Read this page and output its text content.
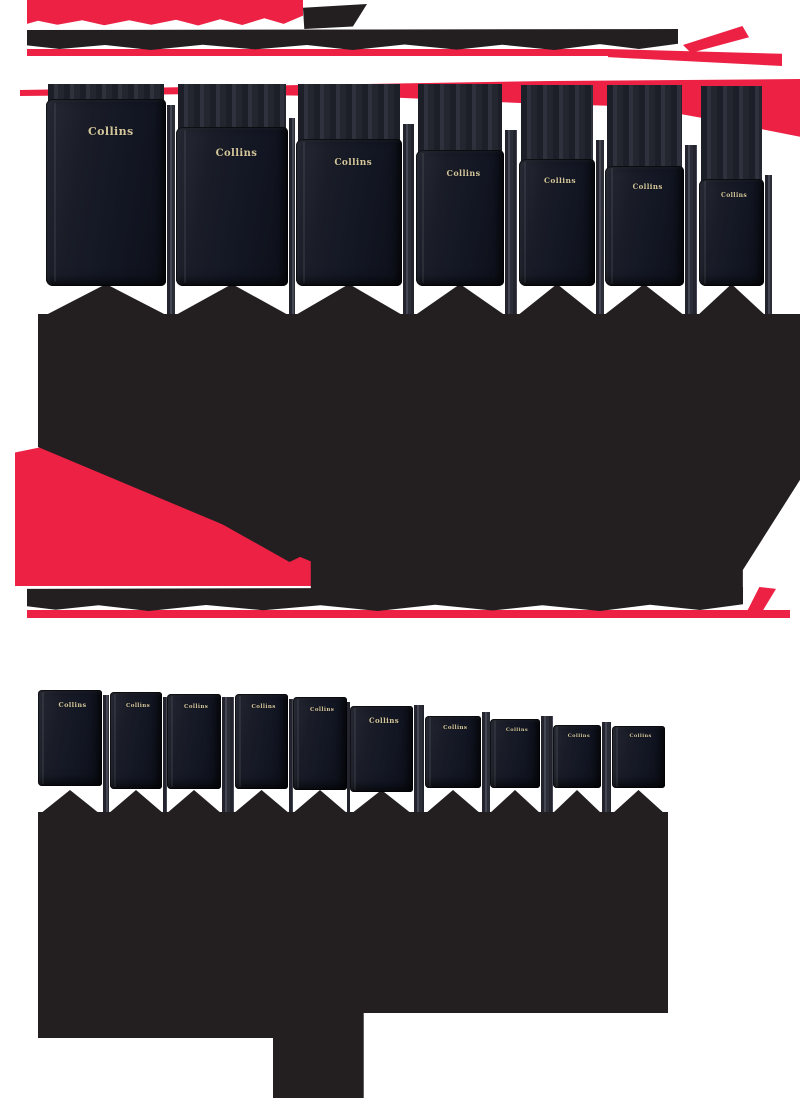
Collins
Collins
Collins
Collins
Collins
Collins
Collins
Collins	Collins	Collins	Collins	Collins
Collins
Collins	Collins
Collins	Collins
